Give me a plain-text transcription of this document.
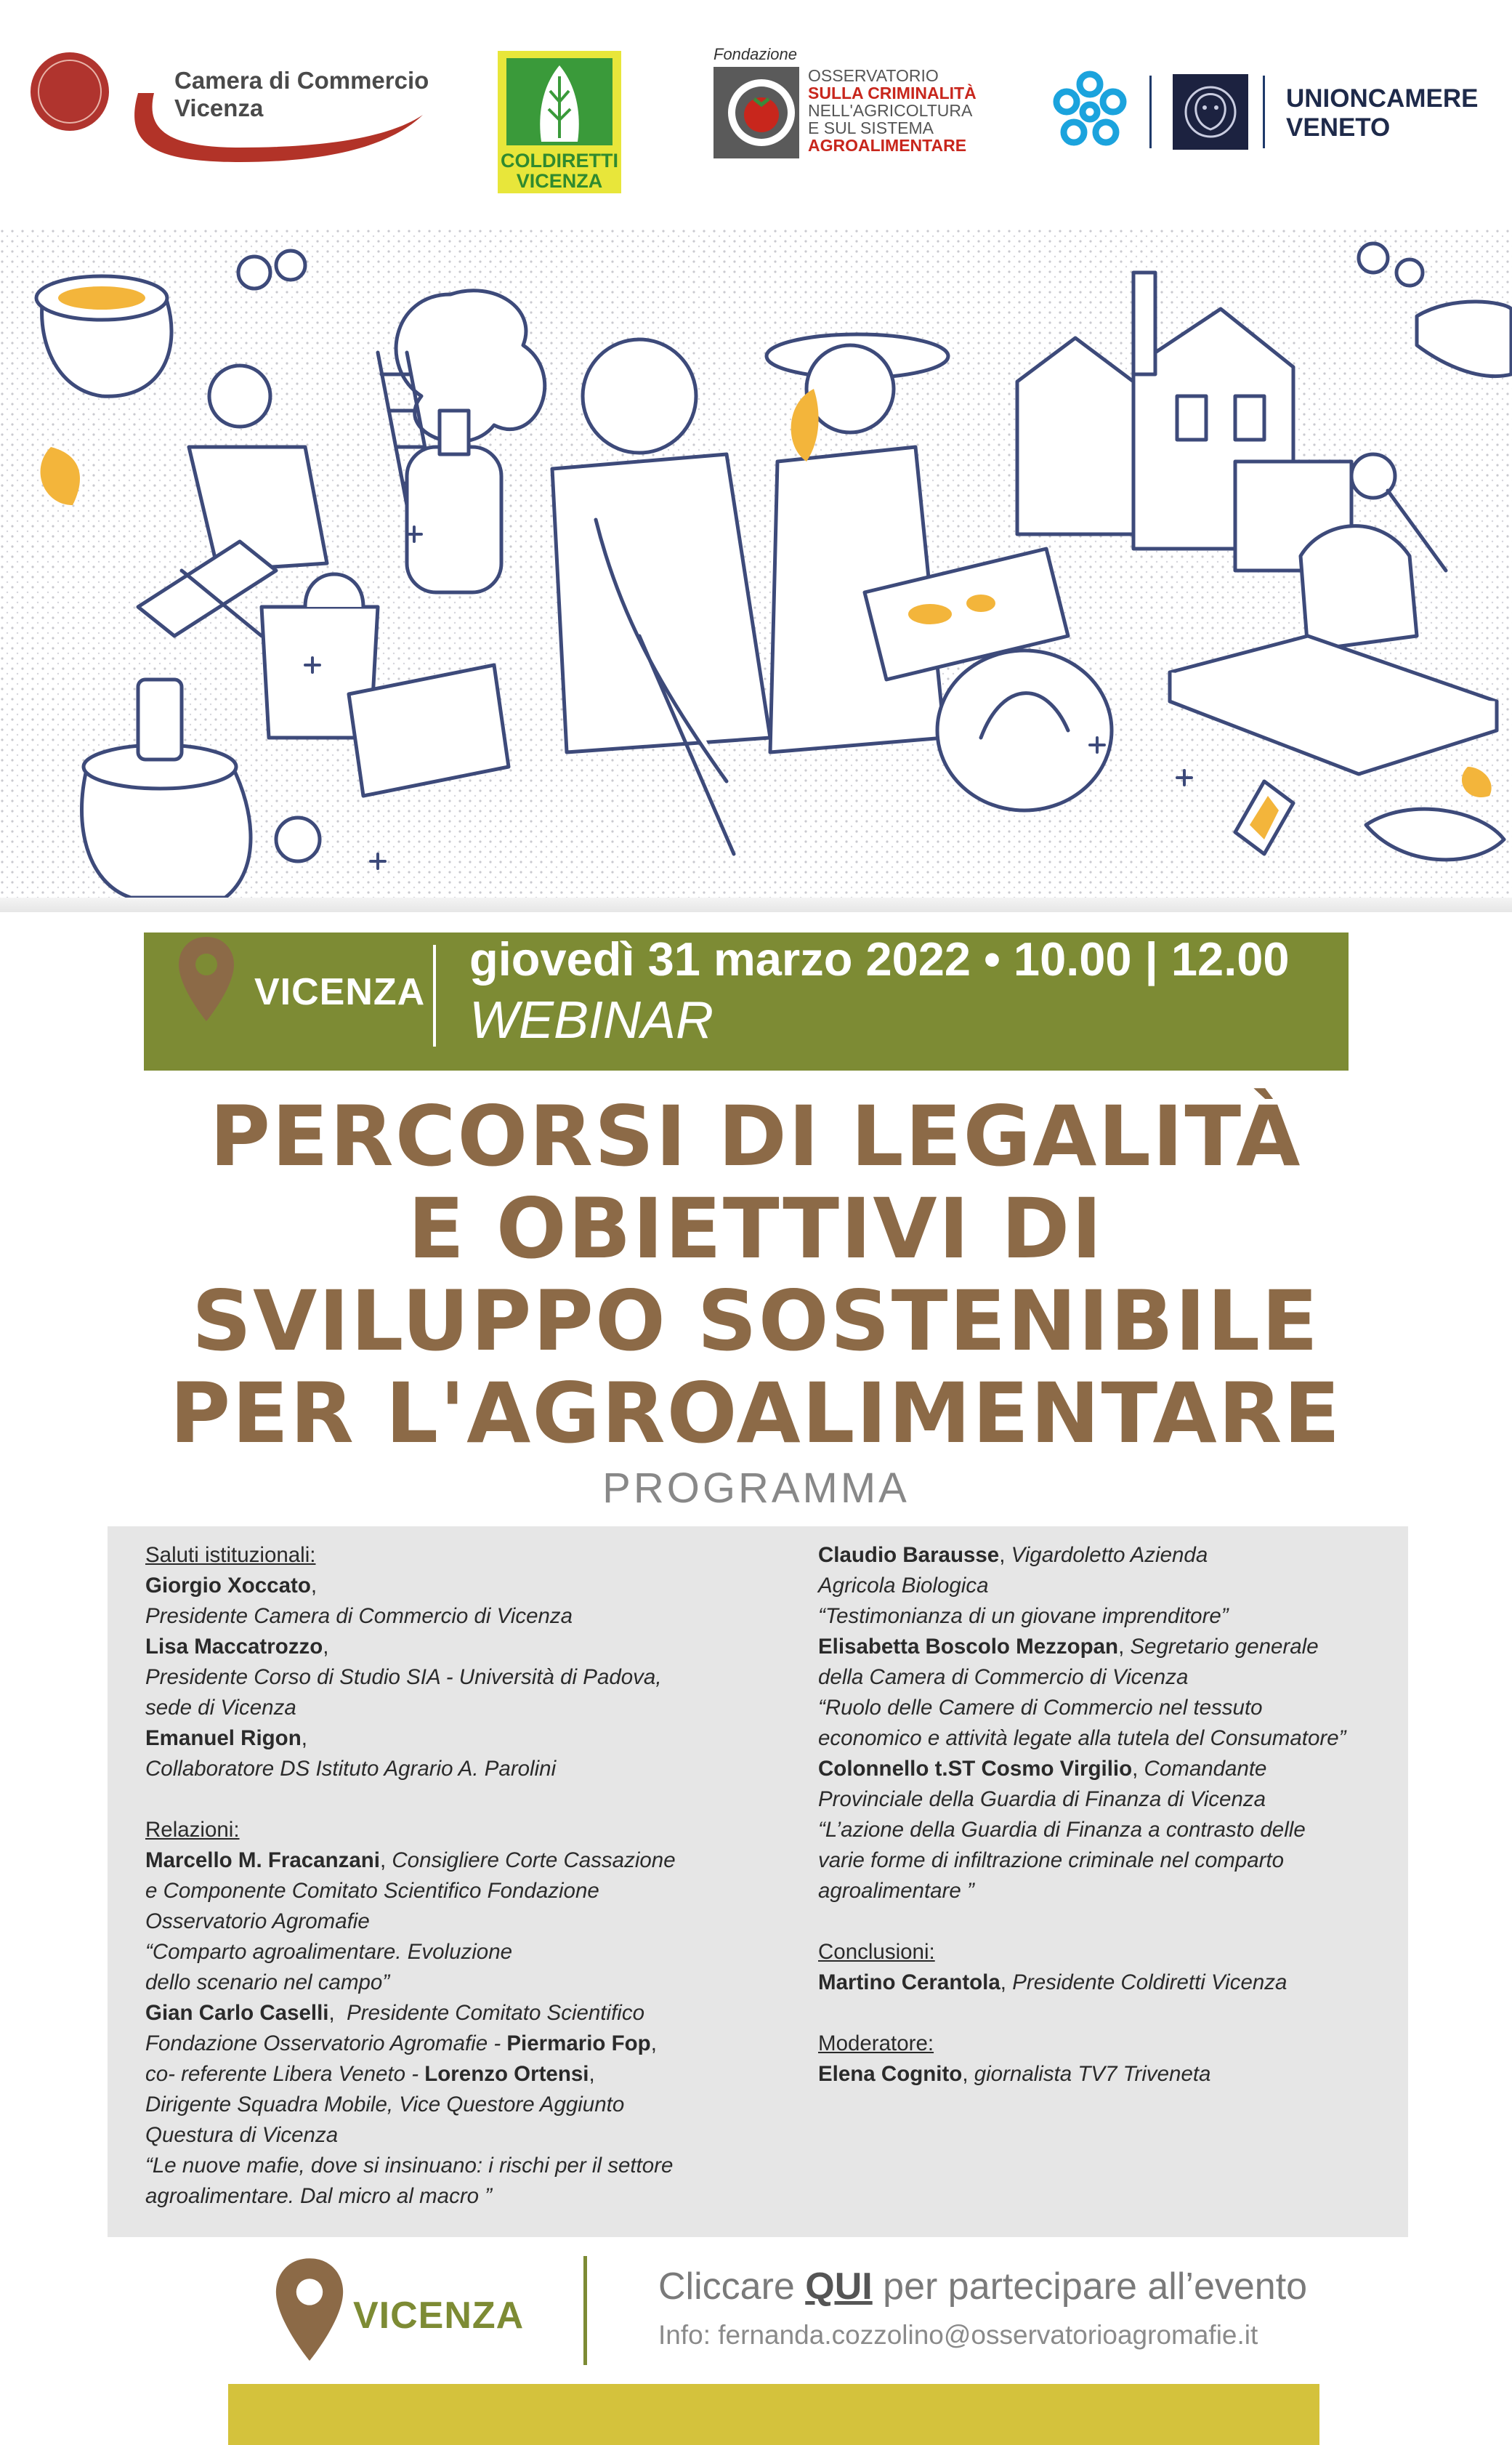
Camera di Commercio
Vicenza
COLDIRETTI
VICENZA
Fondazione
OSSERVATORIO
SULLA CRIMINALITÀ
NELL'AGRICOLTURA
E SUL SISTEMA
AGROALIMENTARE
UNIONCAMERE
VENETO
VICENZA
giovedì 31 marzo 2022 • 10.00 | 12.00
WEBINAR
PERCORSI DI LEGALITÀ
E OBIETTIVI DI
SVILUPPO SOSTENIBILE
PER L'AGROALIMENTARE
PROGRAMMA
Saluti istituzionali:
Giorgio Xoccato,
Presidente Camera di Commercio di Vicenza
Lisa Maccatrozzo,
Presidente Corso di Studio SIA - Università di Padova,
sede di Vicenza
Emanuel Rigon,
Collaboratore DS Istituto Agrario A. Parolini
Relazioni:
Marcello M. Fracanzani, Consigliere Corte Cassazione
e Componente Comitato Scientifico Fondazione
Osservatorio Agromafie
“Comparto agroalimentare. Evoluzione
dello scenario nel campo”
Gian Carlo Caselli,  Presidente Comitato Scientifico
Fondazione Osservatorio Agromafie - Piermario Fop,
co- referente Libera Veneto - Lorenzo Ortensi,
Dirigente Squadra Mobile, Vice Questore Aggiunto
Questura di Vicenza
“Le nuove mafie, dove si insinuano: i rischi per il settore
agroalimentare. Dal micro al macro ”
Claudio Barausse, Vigardoletto Azienda
Agricola Biologica
“Testimonianza di un giovane imprenditore”
Elisabetta Boscolo Mezzopan, Segretario generale
della Camera di Commercio di Vicenza
“Ruolo delle Camere di Commercio nel tessuto
economico e attività legate alla tutela del Consumatore”
Colonnello t.ST Cosmo Virgilio, Comandante
Provinciale della Guardia di Finanza di Vicenza
“L’azione della Guardia di Finanza a contrasto delle
varie forme di infiltrazione criminale nel comparto
agroalimentare ”
Conclusioni:
Martino Cerantola, Presidente Coldiretti Vicenza
Moderatore:
Elena Cognito, giornalista TV7 Triveneta
VICENZA
Cliccare QUI per partecipare all’evento
Info: fernanda.cozzolino@osservatorioagromafie.it
